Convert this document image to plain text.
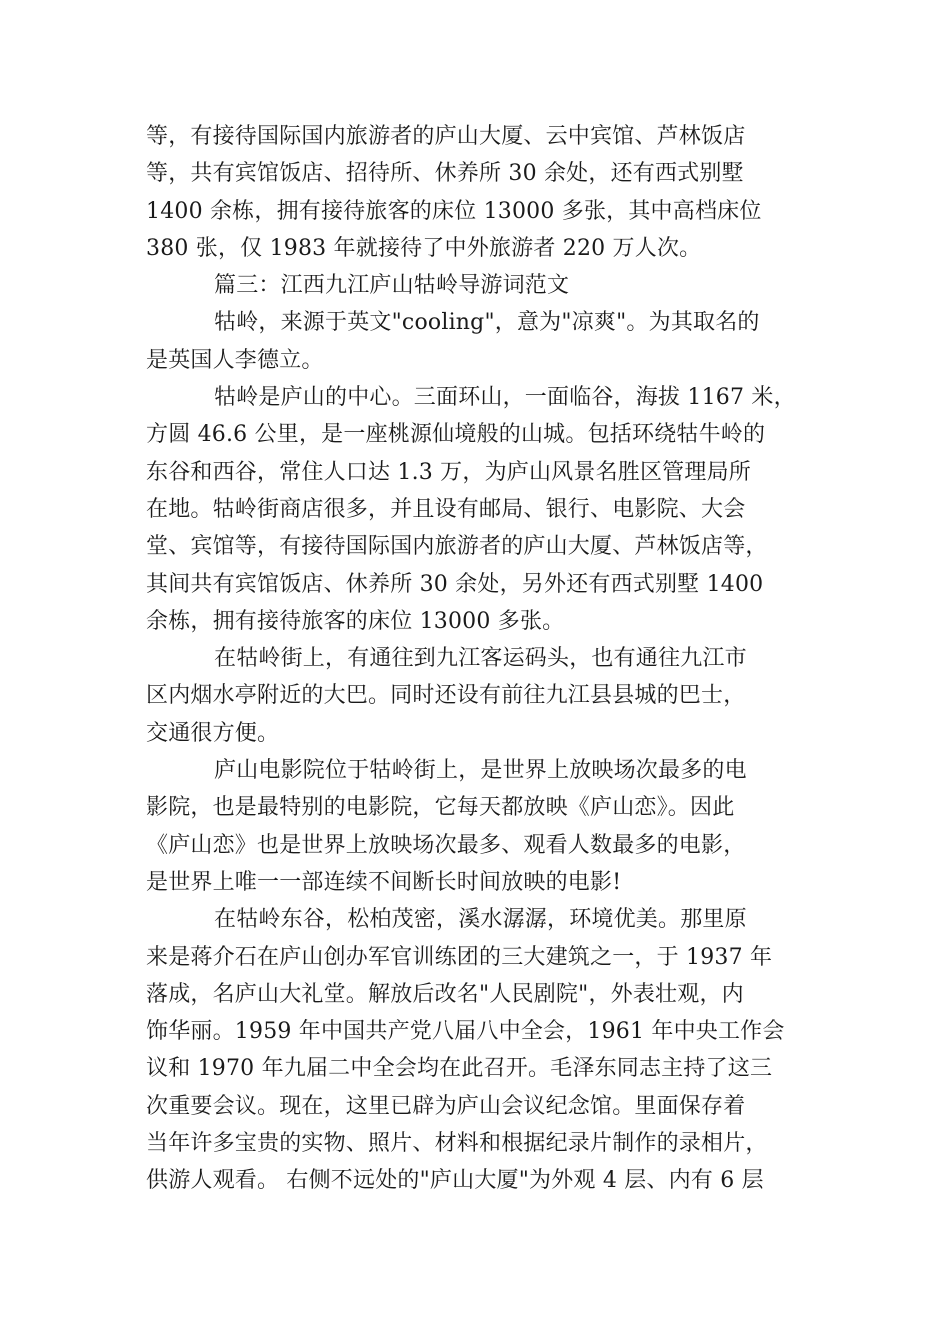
等，有接待国际国内旅游者的庐山大厦、云中宾馆、芦林饭店
等，共有宾馆饭店、招待所、休养所 30 余处，还有西式别墅
1400 余栋，拥有接待旅客的床位 13000 多张，其中高档床位
380 张，仅 1983 年就接待了中外旅游者 220 万人次。
篇三：江西九江庐山牯岭导游词范文
牯岭，来源于英文"cooling"，意为"凉爽"。为其取名的
是英国人李德立。
牯岭是庐山的中心。三面环山，一面临谷，海拔 1167 米，
方圆 46.6 公里，是一座桃源仙境般的山城。包括环绕牯牛岭的
东谷和西谷，常住人口达 1.3 万，为庐山风景名胜区管理局所
在地。牯岭街商店很多，并且设有邮局、银行、电影院、大会
堂、宾馆等，有接待国际国内旅游者的庐山大厦、芦林饭店等，
其间共有宾馆饭店、休养所 30 余处，另外还有西式别墅 1400
余栋，拥有接待旅客的床位 13000 多张。
在牯岭街上，有通往到九江客运码头，也有通往九江市
区内烟水亭附近的大巴。同时还设有前往九江县县城的巴士，
交通很方便。
庐山电影院位于牯岭街上，是世界上放映场次最多的电
影院，也是最特别的电影院，它每天都放映《庐山恋》。因此
《庐山恋》也是世界上放映场次最多、观看人数最多的电影，
是世界上唯一一部连续不间断长时间放映的电影!
在牯岭东谷，松柏茂密，溪水潺潺，环境优美。那里原
来是蒋介石在庐山创办军官训练团的三大建筑之一，于 1937 年
落成，名庐山大礼堂。解放后改名"人民剧院"，外表壮观，内
饰华丽。1959 年中国共产党八届八中全会，1961 年中央工作会
议和 1970 年九届二中全会均在此召开。毛泽东同志主持了这三
次重要会议。现在，这里已辟为庐山会议纪念馆。里面保存着
当年许多宝贵的实物、照片、材料和根据纪录片制作的录相片，
供游人观看。 右侧不远处的"庐山大厦"为外观 4 层、内有 6 层
